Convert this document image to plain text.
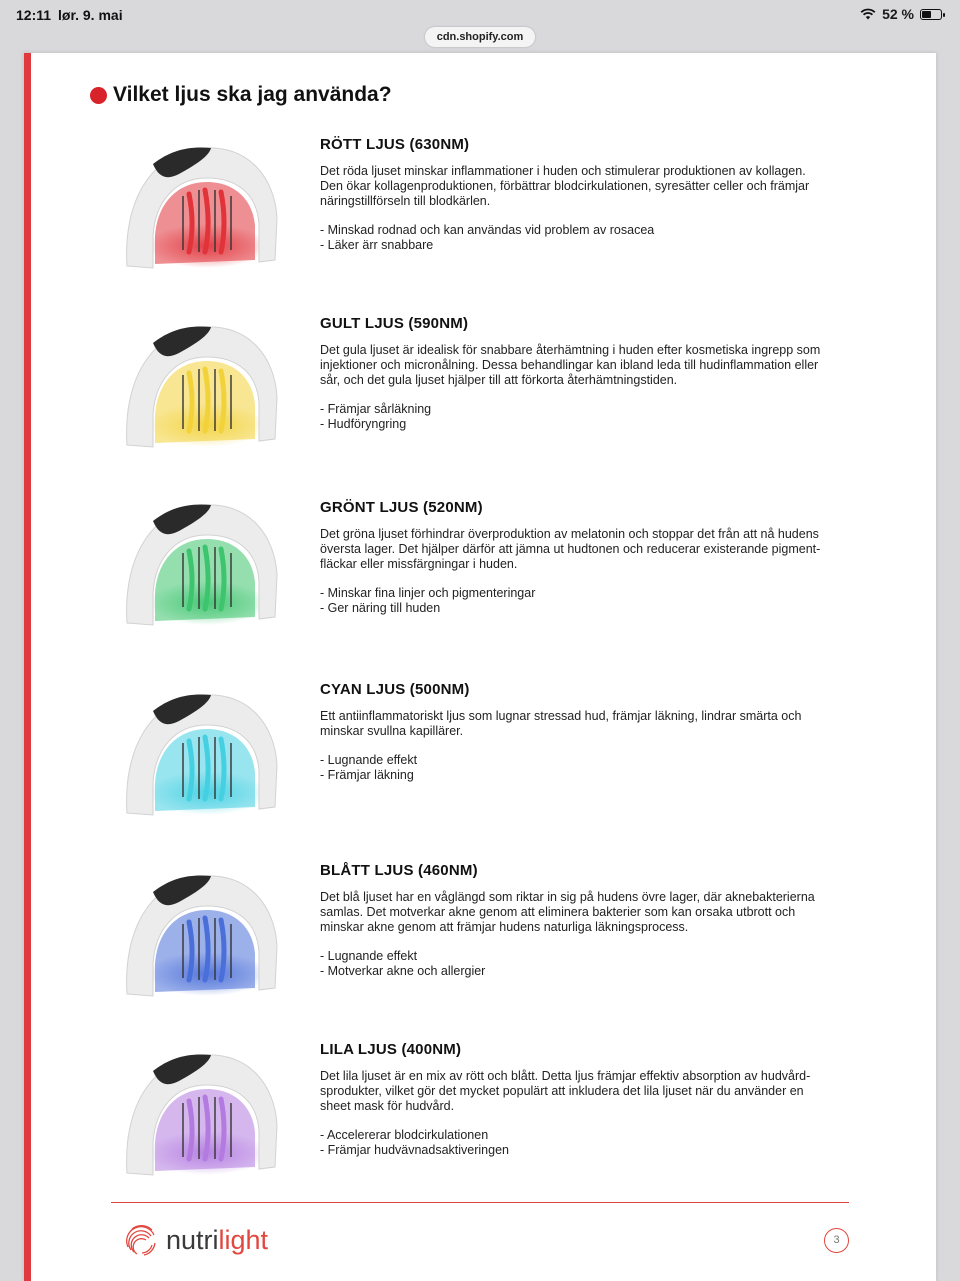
12:11 lør. 9. mai	52 %
cdn.shopify.com
Vilket ljus ska jag använda?
RÖTT LJUS (630NM)
Det röda ljuset minskar inflammationer i huden och stimulerar produktionen av kollagen.
Den ökar kollagenproduktionen, förbättrar blodcirkulationen, syresätter celler och främjar
näringstillförseln till blodkärlen.
- Minskad rodnad och kan användas vid problem av rosacea
- Läker ärr snabbare
GULT LJUS (590NM)
Det gula ljuset är idealisk för snabbare återhämtning i huden efter kosmetiska ingrepp som
injektioner och micronålning. Dessa behandlingar kan ibland leda till hudinflammation eller
sår, och det gula ljuset hjälper till att förkorta återhämtningstiden.
- Främjar sårläkning
- Hudföryngring
GRÖNT LJUS (520NM)
Det gröna ljuset förhindrar överproduktion av melatonin och stoppar det från att nå hudens
översta lager. Det hjälper därför att jämna ut hudtonen och reducerar existerande pigment-
fläckar eller missfärgningar i huden.
- Minskar fina linjer och pigmenteringar
- Ger näring till huden
CYAN LJUS (500NM)
Ett antiinflammatoriskt ljus som lugnar stressad hud, främjar läkning, lindrar smärta och
minskar svullna kapillärer.
- Lugnande effekt
- Främjar läkning
BLÅTT LJUS (460NM)
Det blå ljuset har en våglängd som riktar in sig på hudens övre lager, där aknebakterierna
samlas. Det motverkar akne genom att eliminera bakterier som kan orsaka utbrott och
minskar akne genom att främjar hudens naturliga läkningsprocess.
- Lugnande effekt
- Motverkar akne och allergier
LILA LJUS (400NM)
Det lila ljuset är en mix av rött och blått. Detta ljus främjar effektiv absorption av hudvård-
sprodukter, vilket gör det mycket populärt att inkludera det lila ljuset när du använder en
sheet mask för hudvård.
- Accelererar blodcirkulationen
- Främjar hudvävnadsaktiveringen
nutrilight	3
